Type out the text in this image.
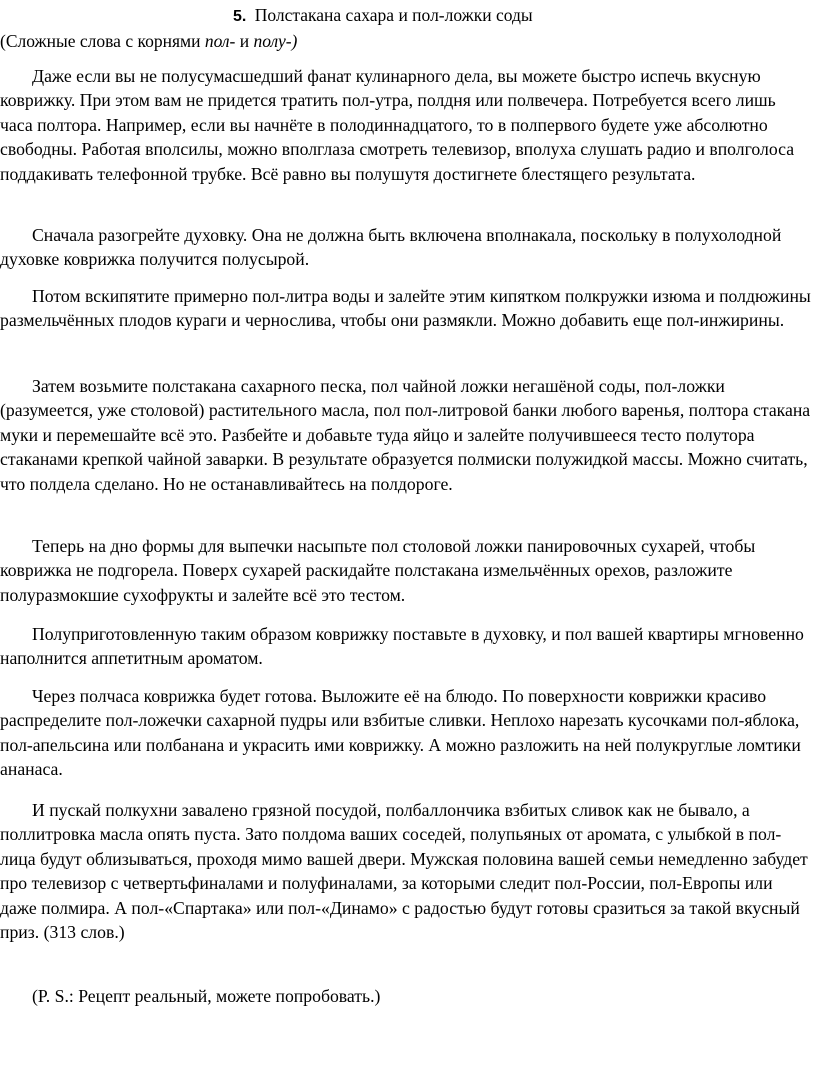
5. Полстакана сахара и пол-ложки соды
(Сложные слова с корнями пол- и полу-)

Даже если вы не полусумасшедший фанат кулинарного дела, вы можете быстро испечь вкусную коврижку. При этом вам не придется тратить пол-утра, полдня или полвечера. Потребуется всего лишь часа полтора. Например, если вы начнёте в полодиннадцатого, то в полпервого будете уже абсолютно свободны. Работая вполсилы, можно вполглаза смотреть телевизор, вполуха слушать радио и вполголоса поддакивать телефонной трубке. Всё равно вы полушутя достигнете блестящего результата.

Сначала разогрейте духовку. Она не должна быть включена вполнакала, поскольку в полухолодной духовке коврижка получится полусырой.

Потом вскипятите примерно пол-литра воды и залейте этим кипятком полкружки изюма и полдюжины размельчённых плодов кураги и чернослива, чтобы они размякли. Можно добавить еще пол-инжирины.

Затем возьмите полстакана сахарного песка, пол чайной ложки негашёной соды, пол-ложки (разумеется, уже столовой) растительного масла, пол пол-литровой банки любого варенья, полтора стакана муки и перемешайте всё это. Разбейте и добавьте туда яйцо и залейте получившееся тесто полутора стаканами крепкой чайной заварки. В результате образуется полмиски полужидкой массы. Можно считать, что полдела сделано. Но не останавливайтесь на полдороге.

Теперь на дно формы для выпечки насыпьте пол столовой ложки панировочных сухарей, чтобы коврижка не подгорела. Поверх сухарей раскидайте полстакана измельчённых орехов, разложите полуразмокшие сухофрукты и залейте всё это тестом.

Полуприготовленную таким образом коврижку поставьте в духовку, и пол вашей квартиры мгновенно наполнится аппетитным ароматом.

Через полчаса коврижка будет готова. Выложите её на блюдо. По поверхности коврижки красиво распределите пол-ложечки сахарной пудры или взбитые сливки. Неплохо нарезать кусочками пол-яблока, пол-апельсина или полбанана и украсить ими коврижку. А можно разложить на ней полукруглые ломтики ананаса.

И пускай полкухни завалено грязной посудой, полбаллончика взбитых сливок как не бывало, а поллитровка масла опять пуста. Зато полдома ваших соседей, полупьяных от аромата, с улыбкой в пол-лица будут облизываться, проходя мимо вашей двери. Мужская половина вашей семьи немедленно забудет про телевизор с четвертьфиналами и полуфиналами, за которыми следит пол-России, пол-Европы или даже полмира. А пол-«Спартака» или пол-«Динамо» с радостью будут готовы сразиться за такой вкусный приз. (313 слов.)

(P. S.: Рецепт реальный, можете попробовать.)
